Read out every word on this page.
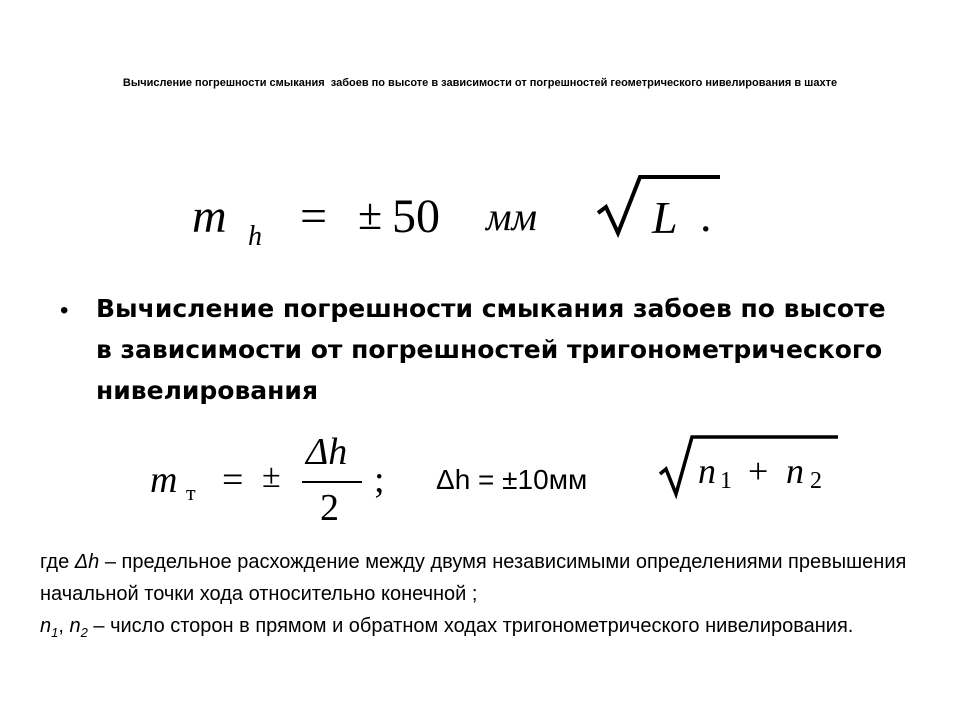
Вычисление погрешности смыкания  забоев по высоте в зависимости от погрешностей геометрического нивелирования в шахте
m h = ± 50 мм L .
• Вычисление погрешности смыкания забоев по высоте в зависимости от погрешностей тригонометрического нивелирования
m т = ±
Δh
2
;	n 1 + n 2
Δh = ±10мм

где Δh – предельное расхождение между двумя независимыми определениями превышения начальной точки хода относительно конечной ;

$n_1$, $n_2$ – число сторон в прямом и обратном ходах тригонометрического нивелирования.
